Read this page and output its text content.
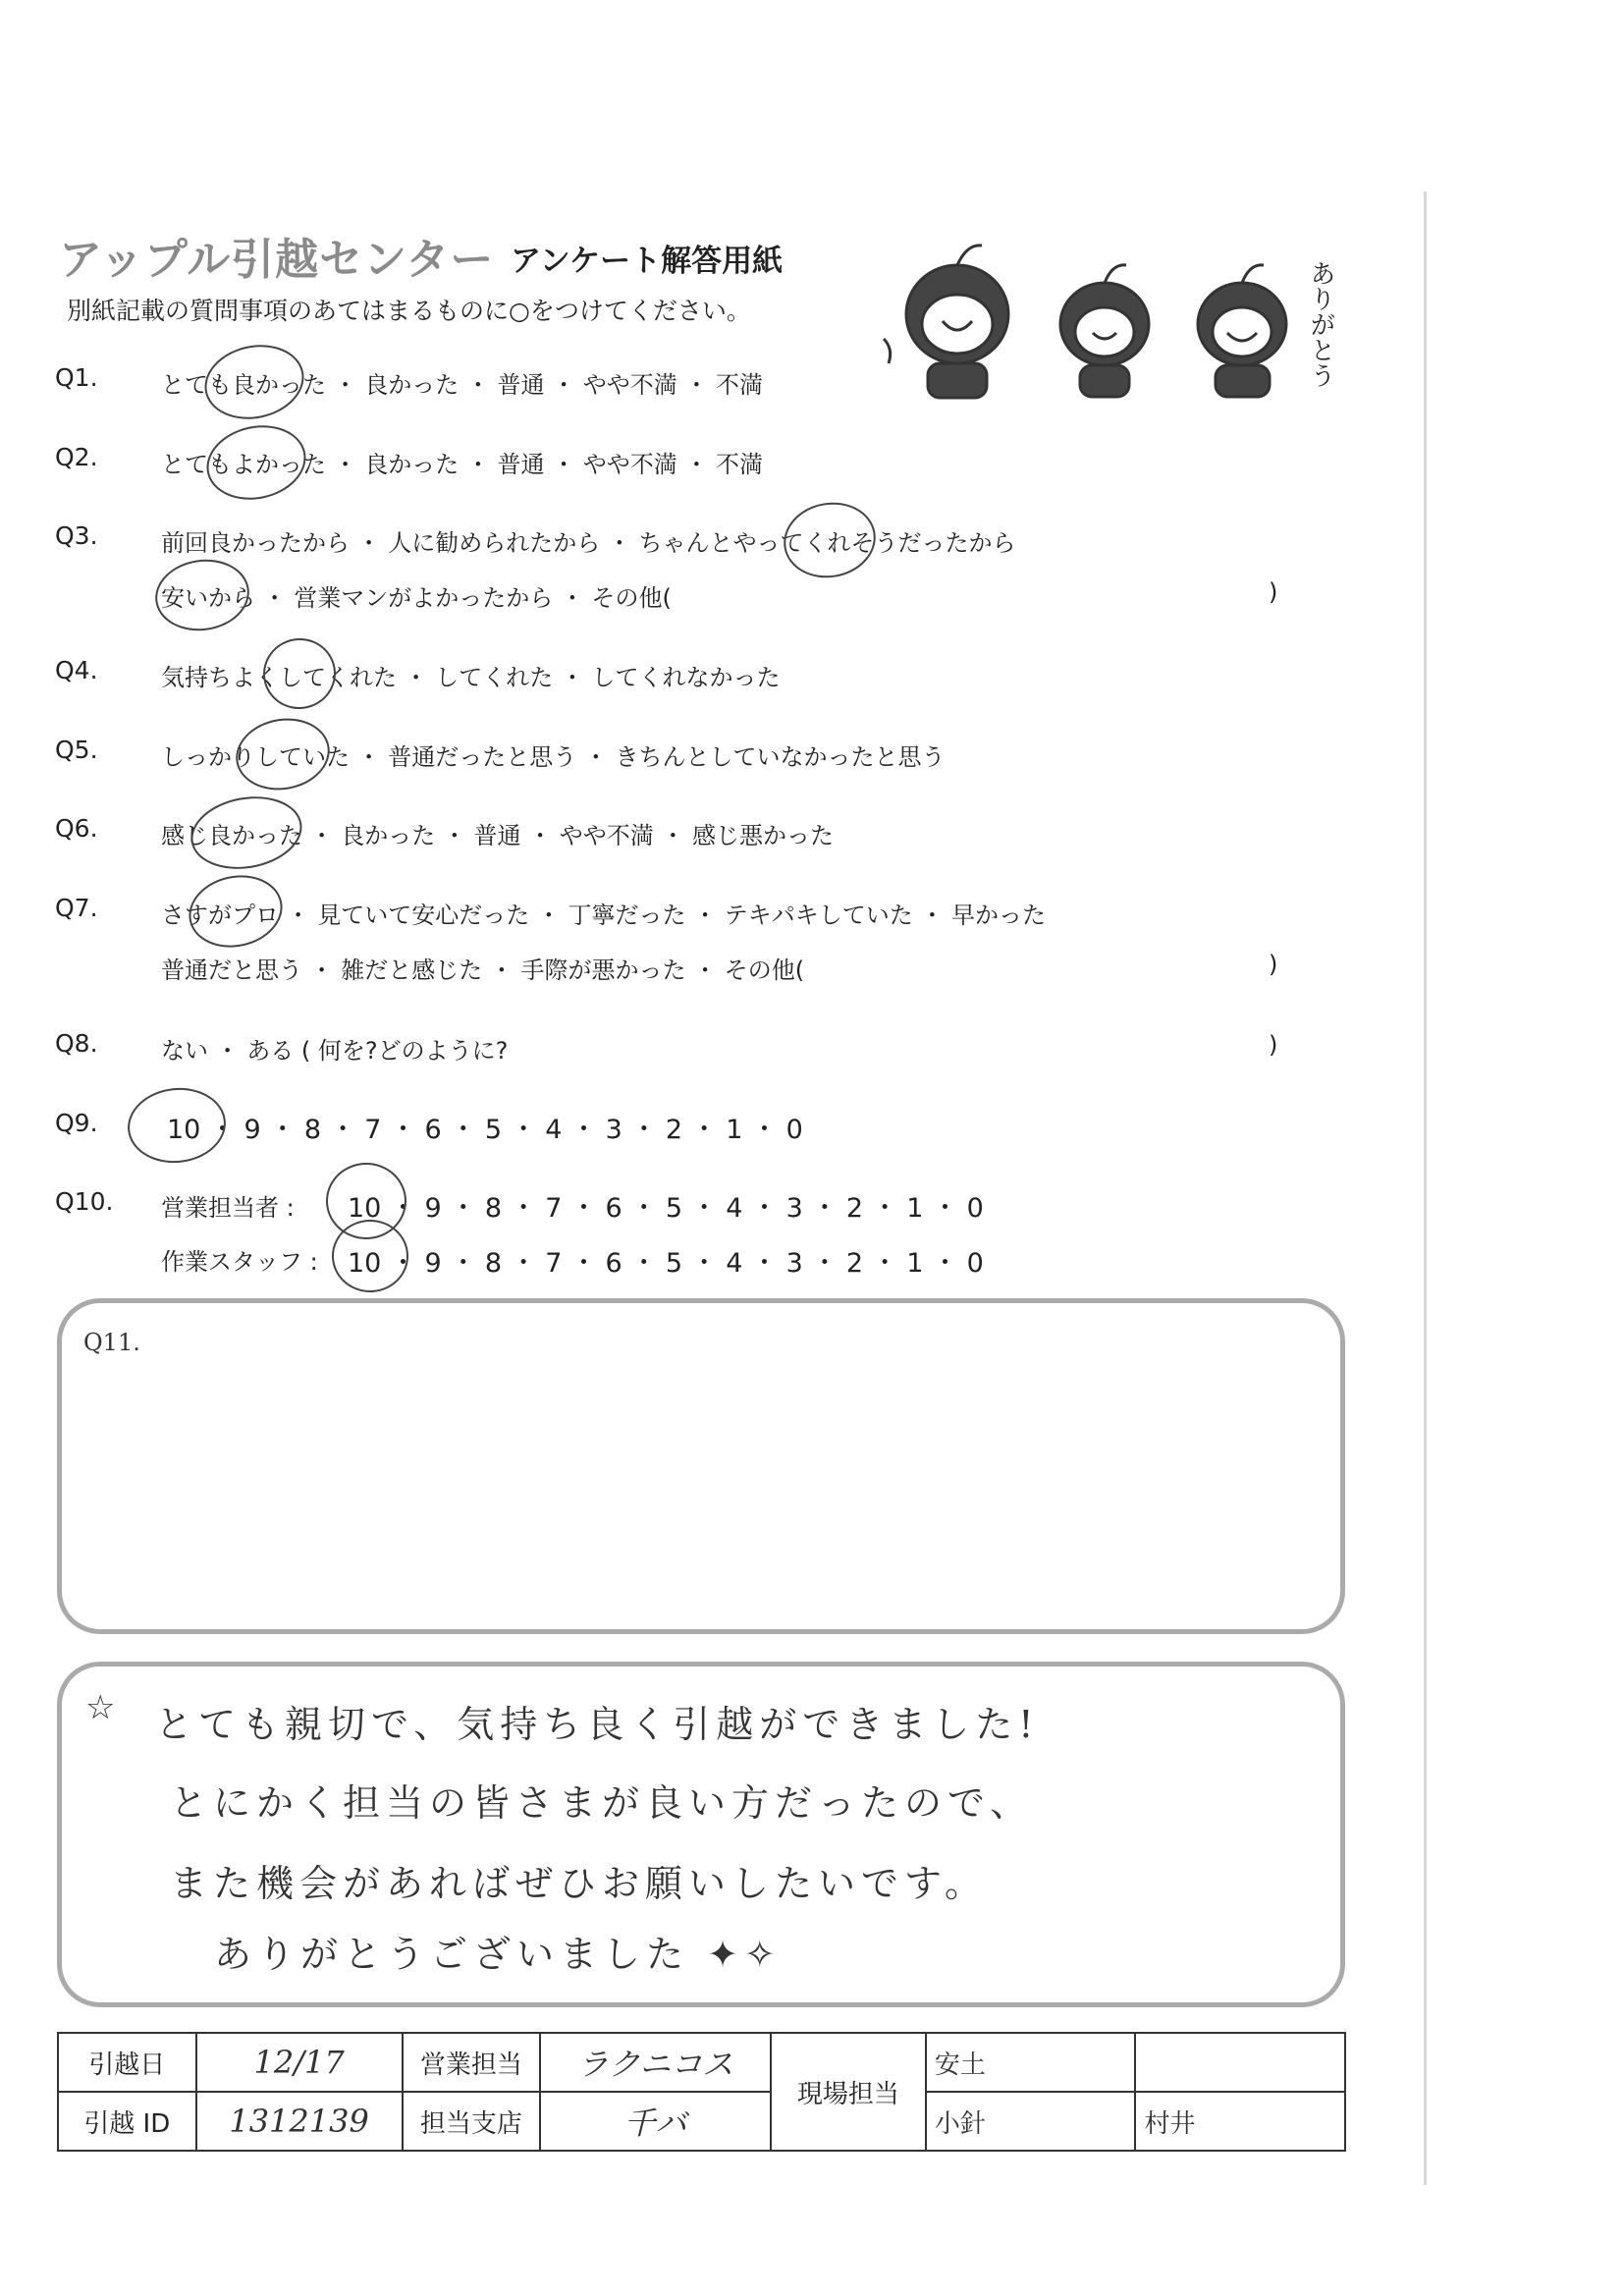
アップル引越センター アンケート解答用紙
別紙記載の質問事項のあてはまるものに○をつけてください。	ありがとう
Q1.	とても良かった ・ 良かった ・ 普通 ・ やや不満 ・ 不満
Q2.	とてもよかった ・ 良かった ・ 普通 ・ やや不満 ・ 不満
Q3.	前回良かったから ・ 人に勧められたから ・ ちゃんとやってくれそうだったから
安いから ・ 営業マンがよかったから ・ その他(	)
Q4.	気持ちよくしてくれた ・ してくれた ・ してくれなかった
Q5.	しっかりしていた ・ 普通だったと思う ・ きちんとしていなかったと思う
Q6.	感じ良かった ・ 良かった ・ 普通 ・ やや不満 ・ 感じ悪かった
Q7.	さすがプロ ・ 見ていて安心だった ・ 丁寧だった ・ テキパキしていた ・ 早かった
普通だと思う ・ 雑だと感じた ・ 手際が悪かった ・ その他(	)
Q8.	ない ・ ある ( 何を?どのように?	)
Q9.	10 ・ 9 ・ 8 ・ 7 ・ 6 ・ 5 ・ 4 ・ 3 ・ 2 ・ 1 ・ 0
Q10. 営業担当者 : 10 ・ 9 ・ 8 ・ 7 ・ 6 ・ 5 ・ 4 ・ 3 ・ 2 ・ 1 ・ 0
作業スタッフ : 10 ・ 9 ・ 8 ・ 7 ・ 6 ・ 5 ・ 4 ・ 3 ・ 2 ・ 1 ・ 0
Q11.
☆ とても親切で、気持ち良く引越ができました!
とにかく担当の皆さまが良い方だったので、
また機会があればぜひお願いしたいです。
ありがとうございました ✦✧
引越日	12/17	営業担当	ラクニコス	現場担当	安土	
引越 ID	1312139	担当支店	千バ		小針	村井
